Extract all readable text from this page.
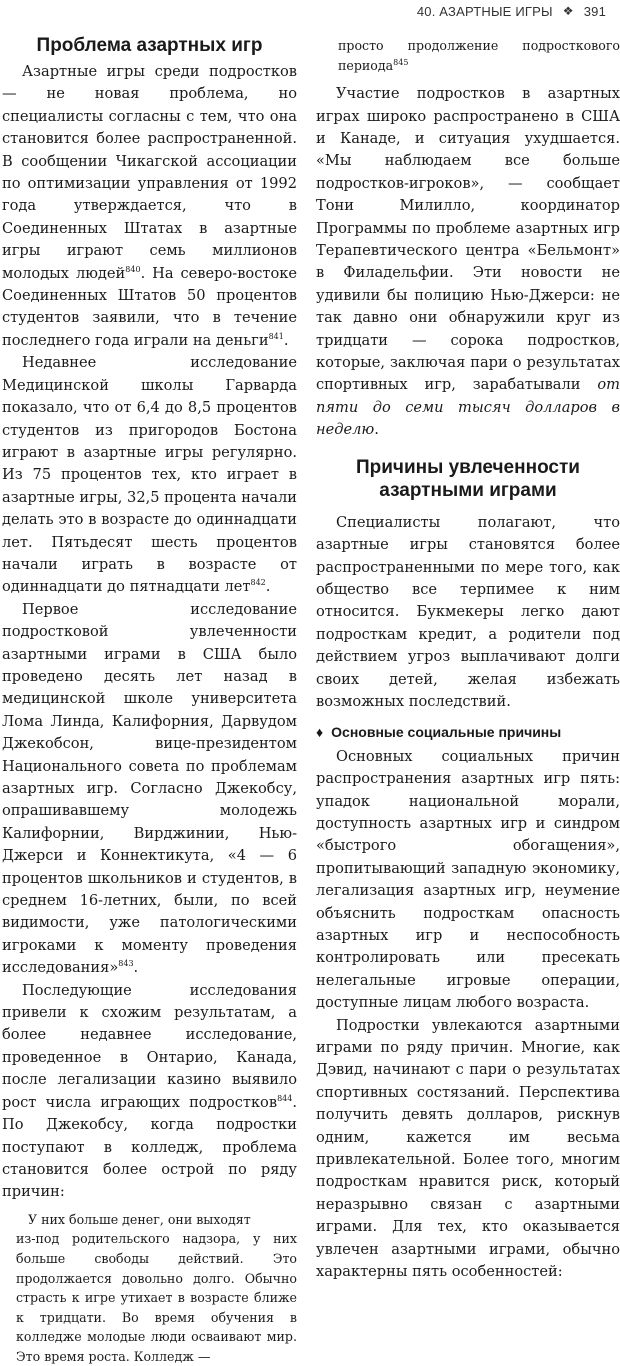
40. АЗАРТНЫЕ ИГРЫ ❖ 391
Проблема азартных игр

Азартные игры среди подростков — не новая проблема, но специалисты согласны с тем, что она становится более распространенной. В сообщении Чикагской ассоциации по оптимизации управления от 1992 года утверждается, что в Соединенных Штатах в азартные игры играют семь миллионов молодых людей$^{840}$. На северо-востоке Соединенных Штатов 50 процентов студентов заявили, что в течение последнего года играли на деньги$^{841}$.

Недавнее исследование Медицинской школы Гарварда показало, что от 6,4 до 8,5 процентов студентов из пригородов Бостона играют в азартные игры регулярно. Из 75 процентов тех, кто играет в азартные игры, 32,5 процента начали делать это в возрасте до одиннадцати лет. Пятьдесят шесть процентов начали играть в возрасте от одиннадцати до пятнадцати лет$^{842}$.

Первое исследование подростковой увлеченности азартными играми в США было проведено десять лет назад в медицинской школе университета Лома Линда, Калифорния, Дарвудом Джекобсон, вице-президентом Национального совета по проблемам азартных игр. Согласно Джекобсу, опрашивавшему молодежь Калифорнии, Вирджинии, Нью-Джерси и Коннектикута, «4 — 6 процентов школьников и студентов, в среднем 16-летних, были, по всей видимости, уже патологическими игроками к моменту проведения исследования»$^{843}$.

Последующие исследования привели к схожим результатам, а более недавнее исследование, проведенное в Онтарио, Канада, после легализации казино выявило рост числа играющих подростков$^{844}$. По Джекобсу, когда подростки поступают в колледж, проблема становится более острой по ряду причин:

У них больше денег, они выходят
из-под родительского надзора, у них больше свободы действий. Это продолжается довольно долго. Обычно страсть к игре утихает в возрасте ближе к тридцати. Во время обучения в колледже молодые люди осваивают мир. Это время роста. Колледж —
просто продолжение подросткового периода$^{845}$

Участие подростков в азартных играх широко распространено в США и Канаде, и ситуация ухудшается. «Мы наблюдаем все больше подростков-игроков», — сообщает Тони Милилло, координатор Программы по проблеме азартных игр Терапевтического центра «Бельмонт» в Филадельфии. Эти новости не удивили бы полицию Нью-Джерси: не так давно они обнаружили круг из тридцати — сорока подростков, которые, заключая пари о результатах спортивных игр, зарабатывали от пяти до семи тысяч долларов в неделю.

Причины увлеченности азартными играми

Специалисты полагают, что азартные игры становятся более распространенными по мере того, как общество все терпимее к ним относится. Букмекеры легко дают подросткам кредит, а родители под действием угроз выплачивают долги своих детей, желая избежать возможных последствий.

♦ Основные социальные причины

Основных социальных причин распространения азартных игр пять: упадок национальной морали, доступность азартных игр и синдром «быстрого обогащения», пропитывающий западную экономику, легализация азартных игр, неумение объяснить подросткам опасность азартных игр и неспособность контролировать или пресекать нелегальные игровые операции, доступные лицам любого возраста.

Подростки увлекаются азартными играми по ряду причин. Многие, как Дэвид, начинают с пари о результатах спортивных состязаний. Перспектива получить девять долларов, рискнув одним, кажется им весьма привлекательной. Более того, многим подросткам нравится риск, который неразрывно связан с азартными играми. Для тех, кто оказывается увлечен азартными играми, обычно характерны пять особенностей:
